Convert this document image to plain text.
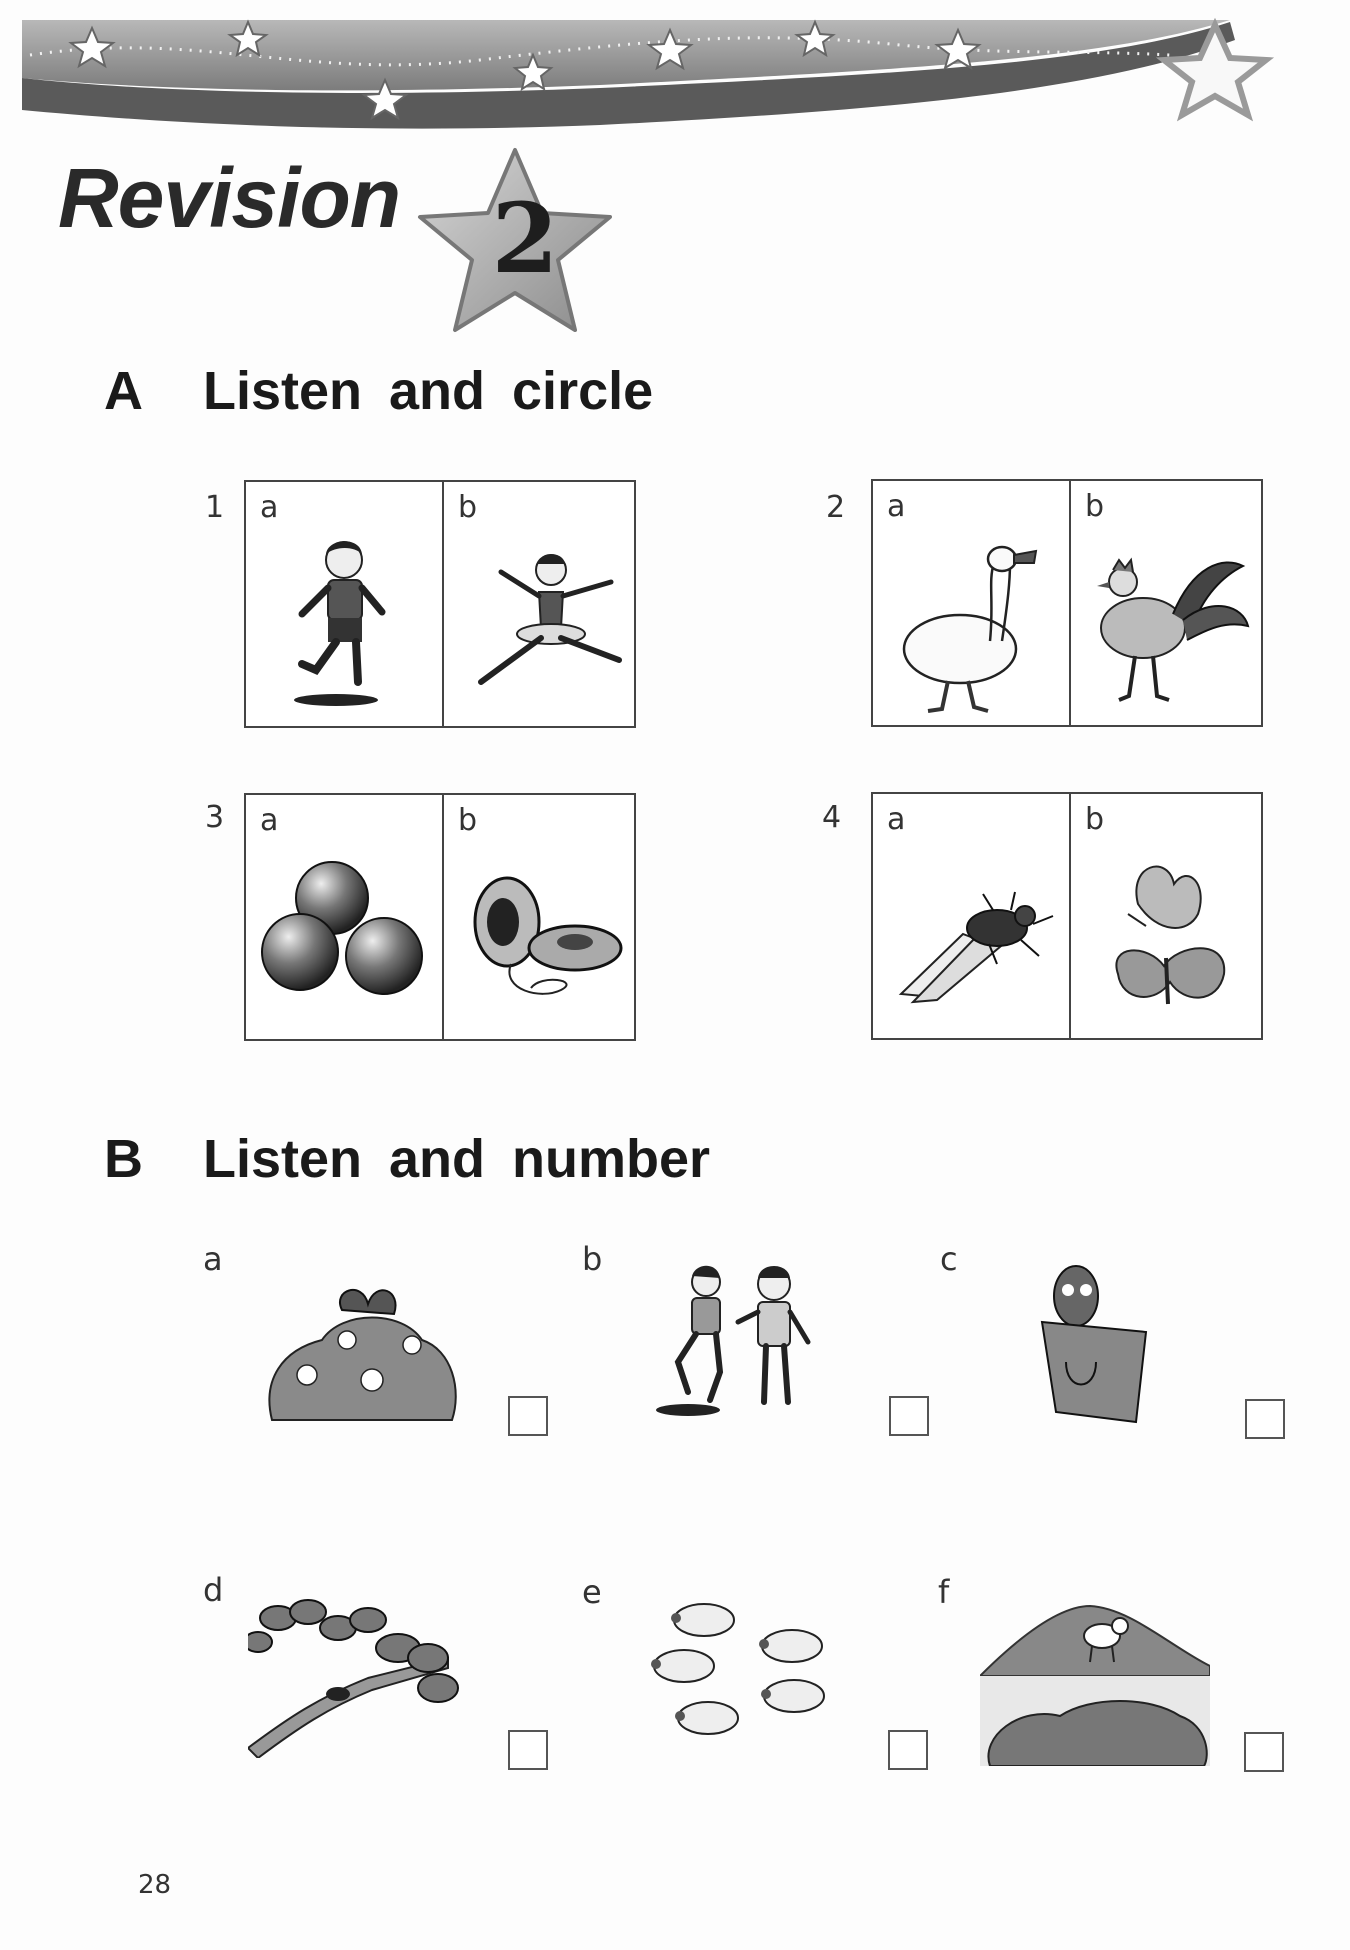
Revision 2
A Listen and circle
1 a	b	2 a	b
3 a	b	4 a	b
B Listen and number
a	b	c
d	e	f
28
